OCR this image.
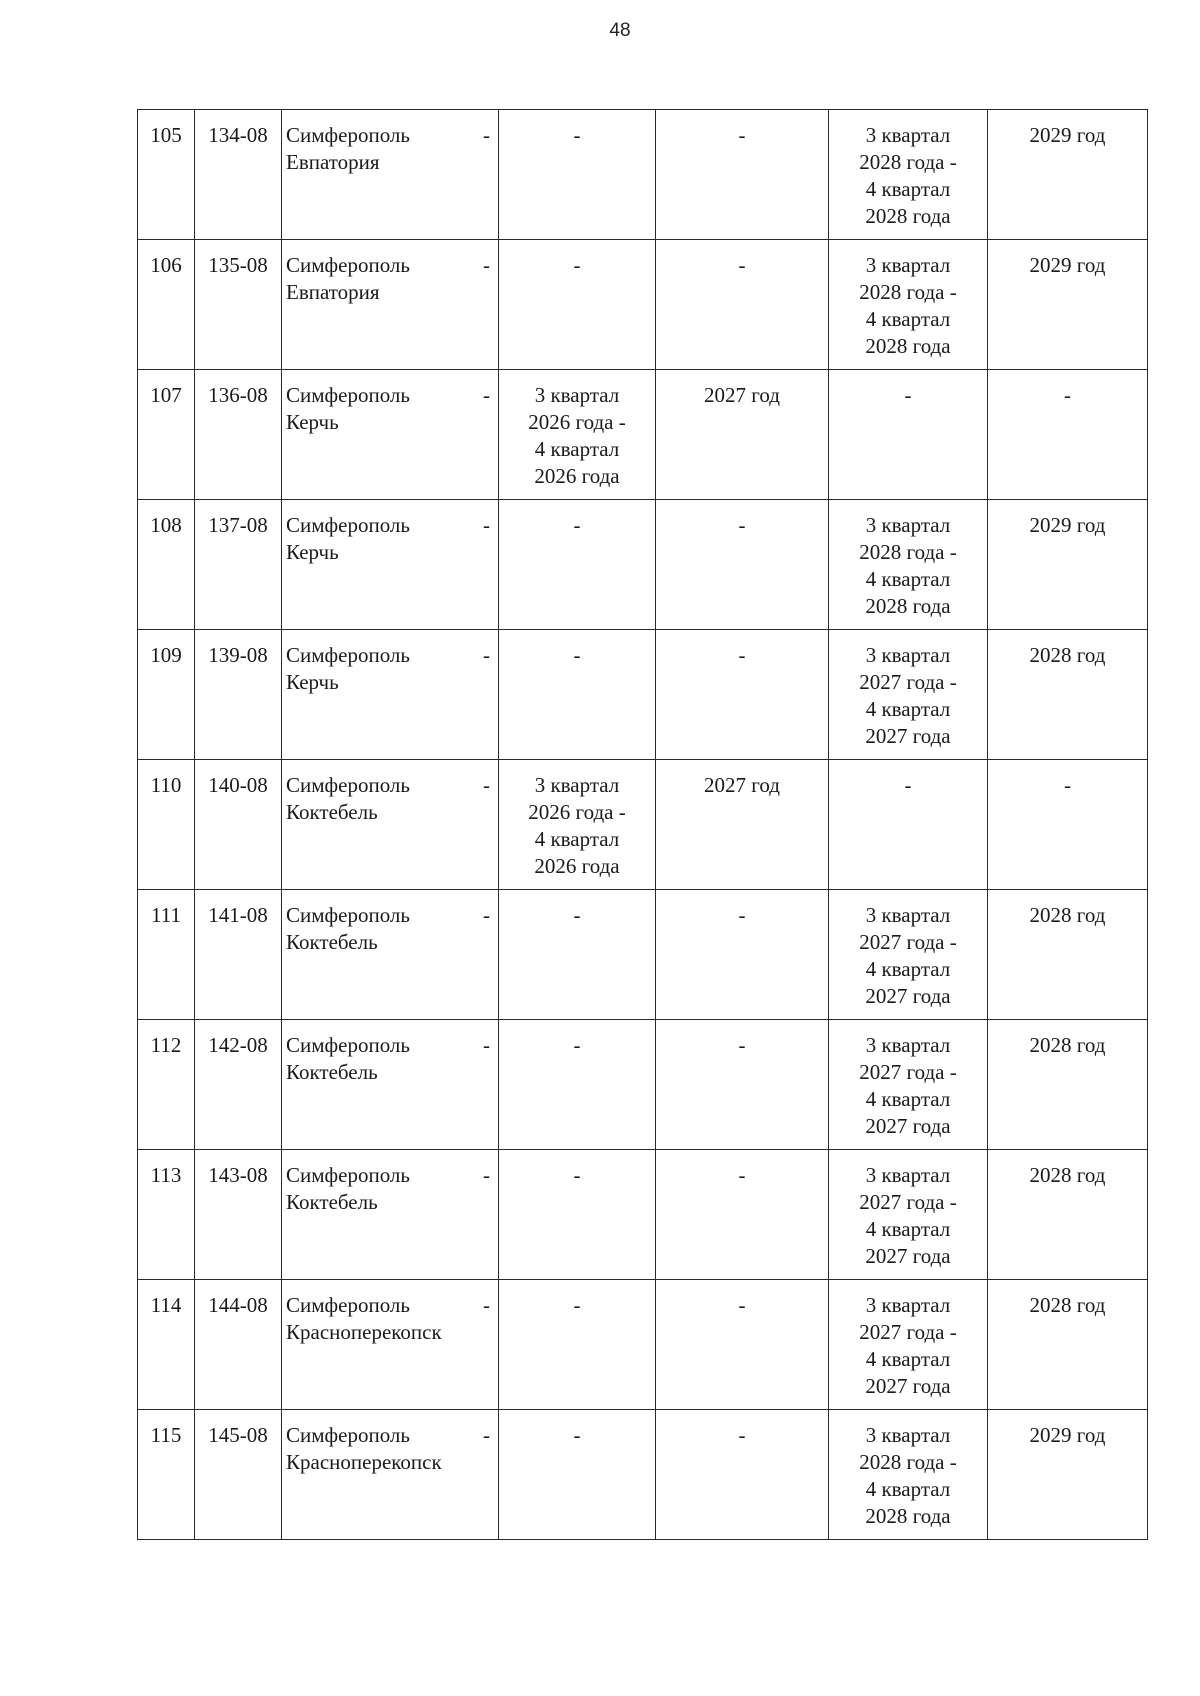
48
105	134-08	Симферополь -
Евпатория	-	-	3 квартал
2028 года -
4 квартал
2028 года	2029 год

106	135-08	Симферополь -
Евпатория	-	-	3 квартал
2028 года -
4 квартал
2028 года	2029 год

107	136-08	Симферополь -
Керчь	3 квартал
2026 года -
4 квартал
2026 года	2027 год	-	-

108	137-08	Симферополь -
Керчь	-	-	3 квартал
2028 года -
4 квартал
2028 года	2029 год

109	139-08	Симферополь -
Керчь	-	-	3 квартал
2027 года -
4 квартал
2027 года	2028 год

110	140-08	Симферополь -
Коктебель	3 квартал
2026 года -
4 квартал
2026 года	2027 год	-	-

111	141-08	Симферополь -
Коктебель	-	-	3 квартал
2027 года -
4 квартал
2027 года	2028 год

112	142-08	Симферополь -
Коктебель	-	-	3 квартал
2027 года -
4 квартал
2027 года	2028 год

113	143-08	Симферополь -
Коктебель	-	-	3 квартал
2027 года -
4 квартал
2027 года	2028 год

114	144-08	Симферополь -
Красноперекопск	-	-	3 квартал
2027 года -
4 квартал
2027 года	2028 год

115	145-08	Симферополь -
Красноперекопск	-	-	3 квартал
2028 года -
4 квартал
2028 года	2029 год
